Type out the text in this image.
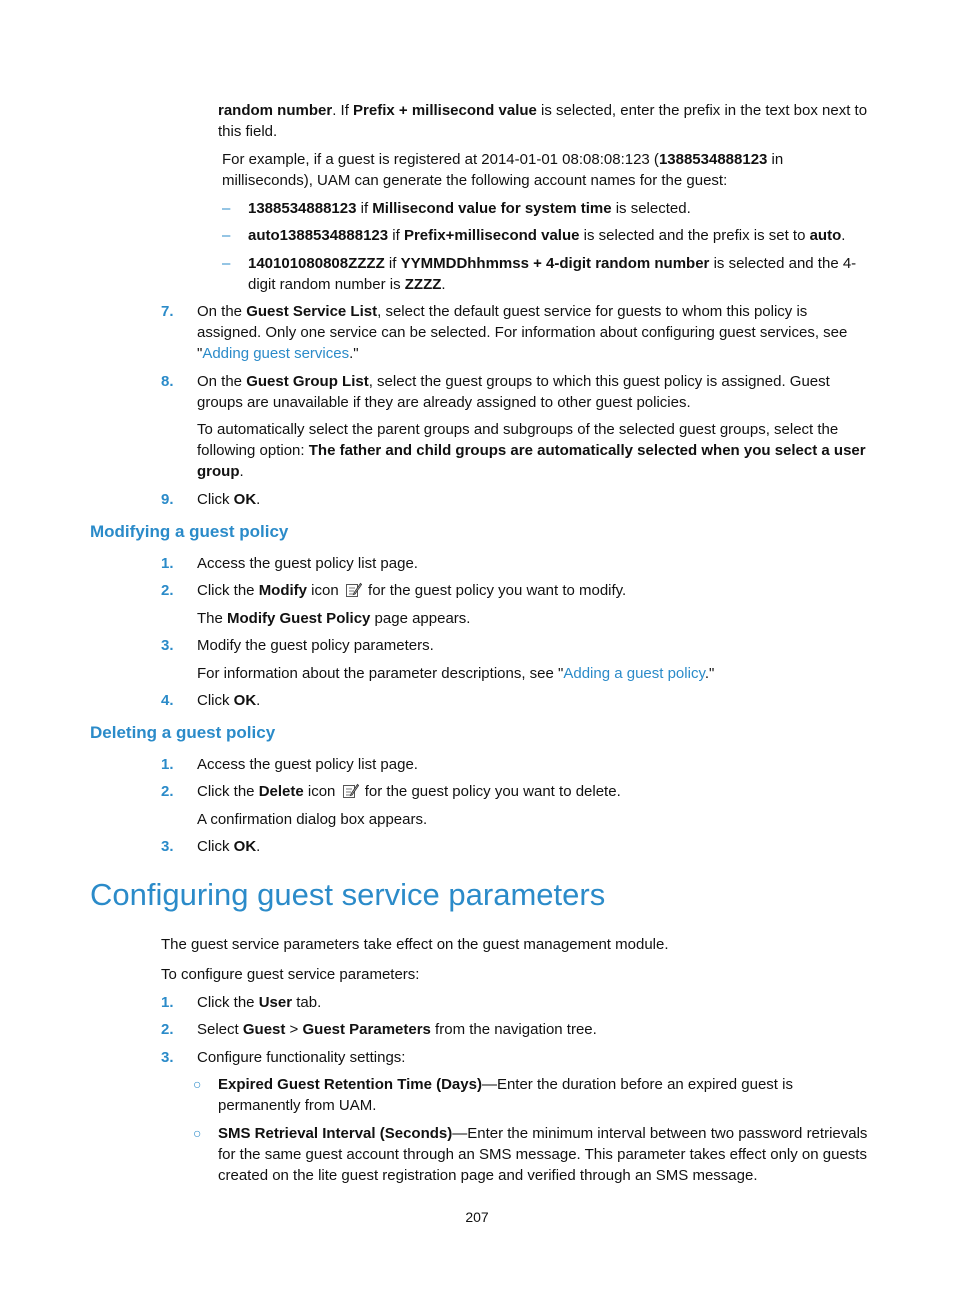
random number. If Prefix + millisecond value is selected, enter the prefix in the text box next to this field.

For example, if a guest is registered at 2014-01-01 08:08:08:123 (1388534888123 in milliseconds), UAM can generate the following account names for the guest:

– 1388534888123 if Millisecond value for system time is selected.

– auto1388534888123 if Prefix+millisecond value is selected and the prefix is set to auto.

– 140101080808ZZZZ if YYMMDDhhmmss + 4-digit random number is selected and the 4-digit random number is ZZZZ.

7. On the Guest Service List, select the default guest service for guests to whom this policy is assigned. Only one service can be selected. For information about configuring guest services, see "Adding guest services."

8. On the Guest Group List, select the guest groups to which this guest policy is assigned. Guest groups are unavailable if they are already assigned to other guest policies.

To automatically select the parent groups and subgroups of the selected guest groups, select the following option: The father and child groups are automatically selected when you select a user group.

9. Click OK.

Modifying a guest policy
1. Access the guest policy list page.

2. Click the Modify icon  for the guest policy you want to modify.

The Modify Guest Policy page appears.

3. Modify the guest policy parameters.

For information about the parameter descriptions, see "Adding a guest policy."

4. Click OK.

Deleting a guest policy
1. Access the guest policy list page.

2. Click the Delete icon  for the guest policy you want to delete.

A confirmation dialog box appears.

3. Click OK.

Configuring guest service parameters

The guest service parameters take effect on the guest management module.

To configure guest service parameters:

1. Click the User tab.

2. Select Guest > Guest Parameters from the navigation tree.

3. Configure functionality settings:

○ Expired Guest Retention Time (Days)—Enter the duration before an expired guest is permanently from UAM.

○ SMS Retrieval Interval (Seconds)—Enter the minimum interval between two password retrievals for the same guest account through an SMS message. This parameter takes effect only on guests created on the lite guest registration page and verified through an SMS message.

207
